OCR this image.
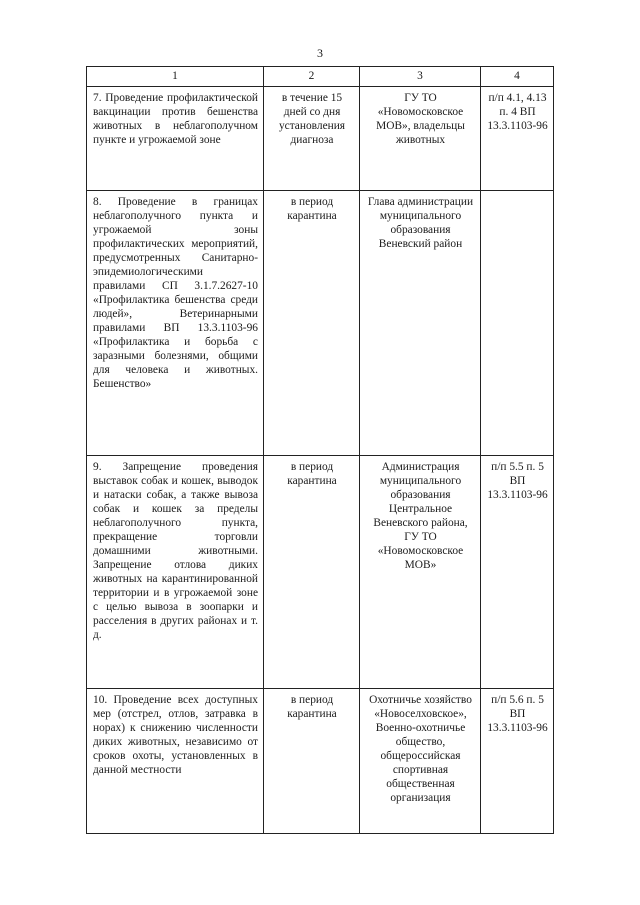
3
1	2	3	4

7. Проведение профилактической вакцинации против бешенства животных в неблагополучном пункте и угрожаемой зоне	в течение 15 дней со дня установления диагноза	ГУ ТО «Новомосковское МОВ», владельцы животных	п/п 4.1, 4.13 п. 4 ВП 13.3.1103-96

8. Проведение в границах неблагополучного пункта и угрожаемой зоны профилактических мероприятий, предусмотренных Санитарно-эпидемиологическими правилами СП 3.1.7.2627-10 «Профилактика бешенства среди людей», Ветеринарными правилами ВП 13.3.1103-96 «Профилактика и борьба с заразными болезнями, общими для человека и животных. Бешенство»	в период карантина	Глава администрации муниципального образования Веневский район	

9. Запрещение проведения выставок собак и кошек, выводок и натаски собак, а также вывоза собак и кошек за пределы неблагополучного пункта, прекращение торговли домашними животными. Запрещение отлова диких животных на карантинированной территории и в угрожаемой зоне с целью вывоза в зоопарки и расселения в других районах и т. д.	в период карантина	Администрация муниципального образования Центральное Веневского района, ГУ ТО «Новомосковское МОВ»	п/п 5.5 п. 5 ВП 13.3.1103-96

10. Проведение всех доступных мер (отстрел, отлов, затравка в норах) к снижению численности диких животных, независимо от сроков охоты, установленных в данной местности	в период карантина	Охотничье хозяйство «Новоселховское», Военно-охотничье общество, общероссийская спортивная общественная организация	п/п 5.6 п. 5 ВП 13.3.1103-96
